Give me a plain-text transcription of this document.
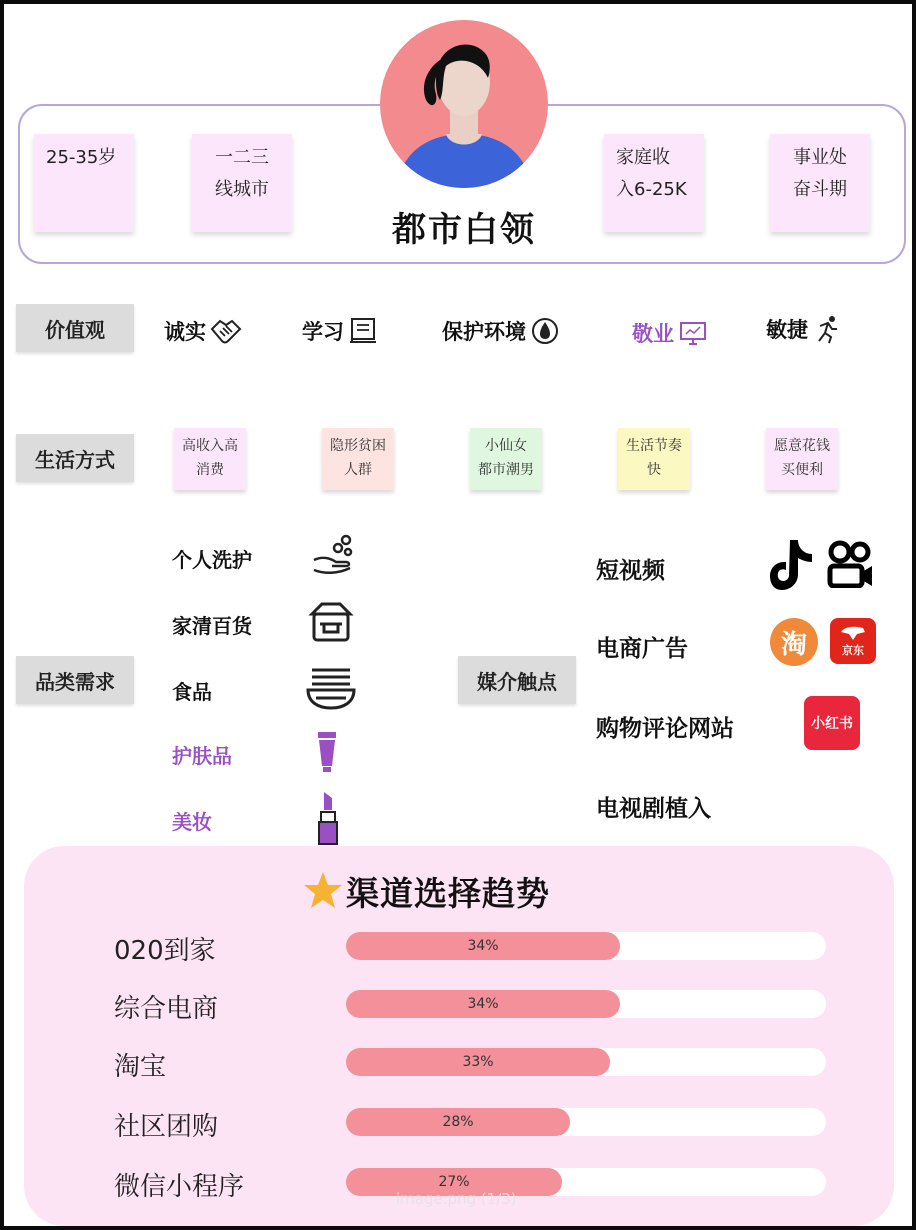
25-35岁	一二三
线城市
家庭收
入6-25K
事业处
奋斗期
都市白领
价值观	诚实	学习	保护环境	敬业	敏捷
生活方式
高收入高
消费
隐形贫困
人群
小仙女
都市潮男
生活节奏
快
愿意花钱
买便利
品类需求
个人洗护
家清百货
食品
护肤品
美妆
媒介触点
短视频
电商广告	淘	京东
购物评论网站	小红书
电视剧植入
渠道选择趋势
020到家	34%
综合电商	34%
淘宝	33%
社区团购	28%
微信小程序	27%
image.png (1/3)
